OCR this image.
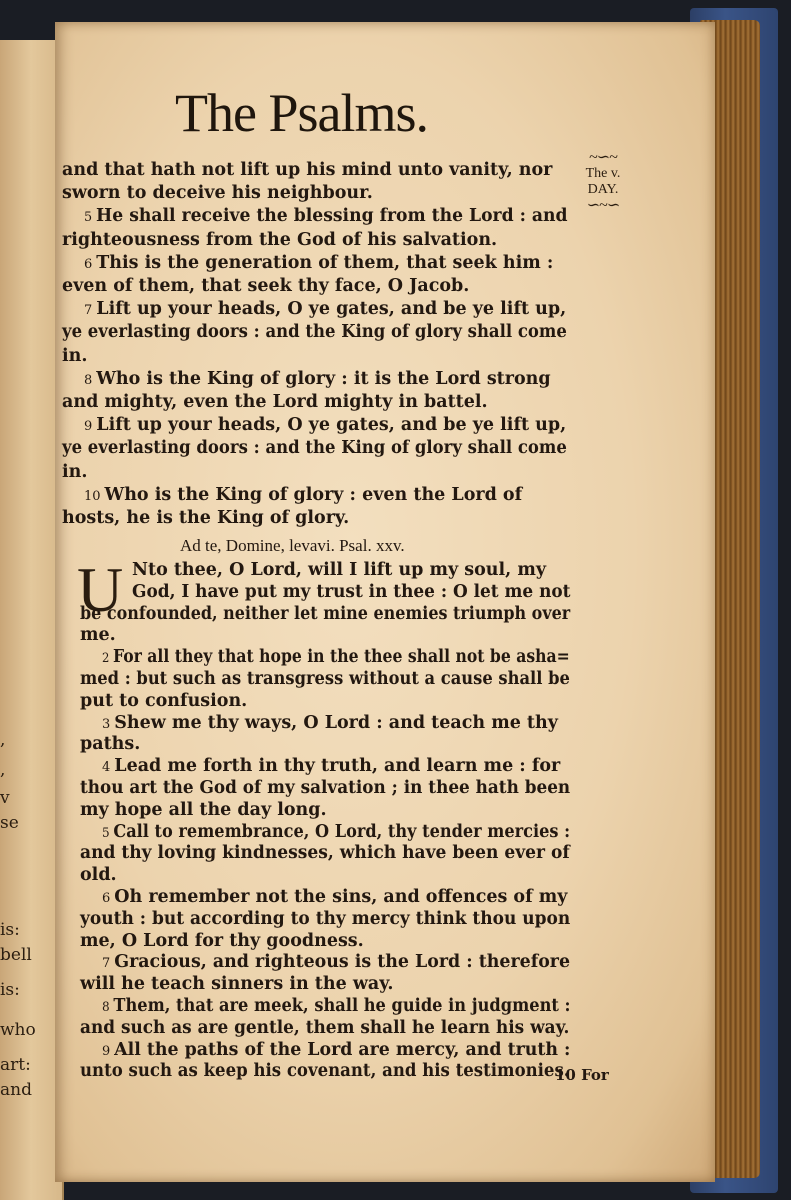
,
,
v
se
is:
bell
is:
who
art:
and
The Psalms.
~∽~
The v.
DAY.
∽~∽
and that hath not lift up his mind unto vanity, nor
sworn to deceive his neighbour.
5 He shall receive the blessing from the Lord : and
righteousness from the God of his salvation.
6 This is the generation of them, that seek him :
even of them, that seek thy face, O Jacob.
7 Lift up your heads, O ye gates, and be ye lift up,
ye everlasting doors : and the King of glory shall come
in.
8 Who is the King of glory : it is the Lord strong
and mighty, even the Lord mighty in battel.
9 Lift up your heads, O ye gates, and be ye lift up,
ye everlasting doors : and the King of glory shall come
in.
10 Who is the King of glory : even the Lord of
hosts, he is the King of glory.
Ad te, Domine, levavi. Psal. xxv.
U Nto thee, O Lord, will I lift up my soul, my
God, I have put my trust in thee : O let me not
be confounded, neither let mine enemies triumph over
me.
2 For all they that hope in the thee shall not be asha=
med : but such as transgress without a cause shall be
put to confusion.
3 Shew me thy ways, O Lord : and teach me thy
paths.
4 Lead me forth in thy truth, and learn me : for
thou art the God of my salvation ; in thee hath been
my hope all the day long.
5 Call to remembrance, O Lord, thy tender mercies :
and thy loving kindnesses, which have been ever of
old.
6 Oh remember not the sins, and offences of my
youth : but according to thy mercy think thou upon
me, O Lord for thy goodness.
7 Gracious, and righteous is the Lord : therefore
will he teach sinners in the way.
8 Them, that are meek, shall he guide in judgment :
and such as are gentle, them shall he learn his way.
9 All the paths of the Lord are mercy, and truth :
unto such as keep his covenant, and his testimonies.
10 For
